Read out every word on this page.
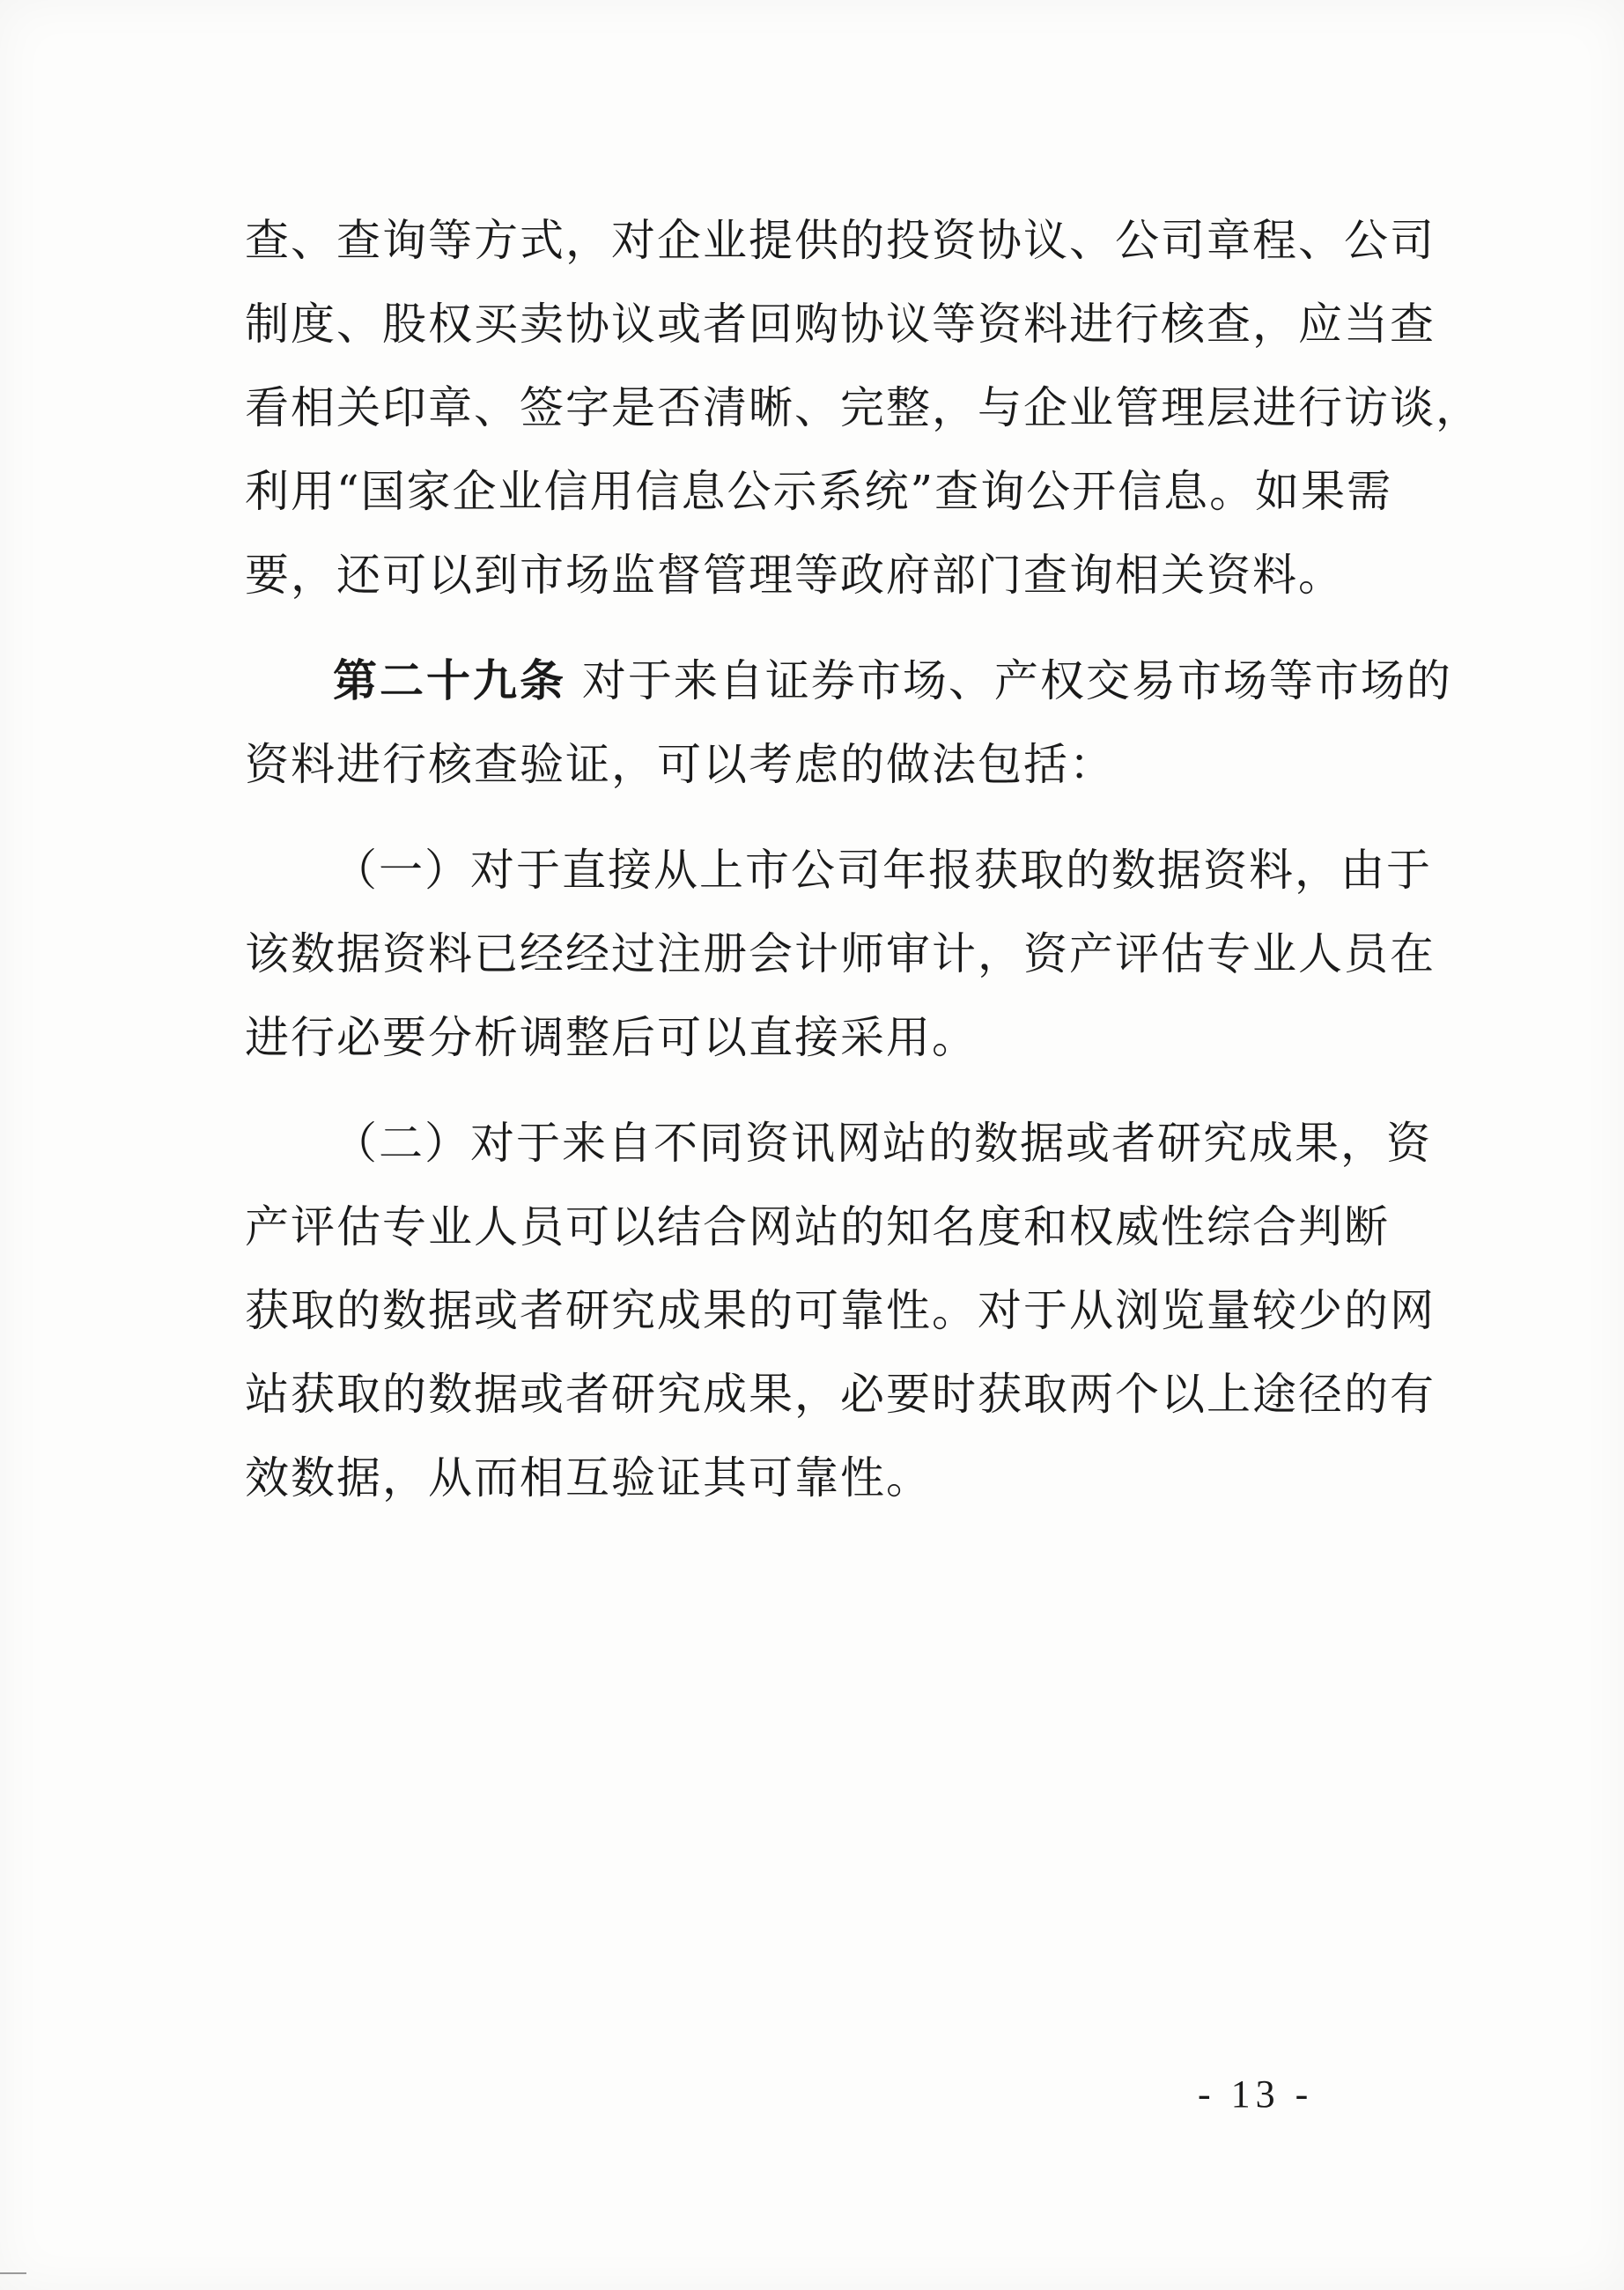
查、查询等方式，对企业提供的投资协议、公司章程、公司
制度、股权买卖协议或者回购协议等资料进行核查，应当查
看相关印章、签字是否清晰、完整，与企业管理层进行访谈，
利用“国家企业信用信息公示系统”查询公开信息。如果需
要，还可以到市场监督管理等政府部门查询相关资料。
第二十九条 对于来自证券市场、产权交易市场等市场的
资料进行核查验证，可以考虑的做法包括：
（一）对于直接从上市公司年报获取的数据资料，由于
该数据资料已经经过注册会计师审计，资产评估专业人员在
进行必要分析调整后可以直接采用。
（二）对于来自不同资讯网站的数据或者研究成果，资
产评估专业人员可以结合网站的知名度和权威性综合判断
获取的数据或者研究成果的可靠性。对于从浏览量较少的网
站获取的数据或者研究成果，必要时获取两个以上途径的有
效数据，从而相互验证其可靠性。
- 13 -
